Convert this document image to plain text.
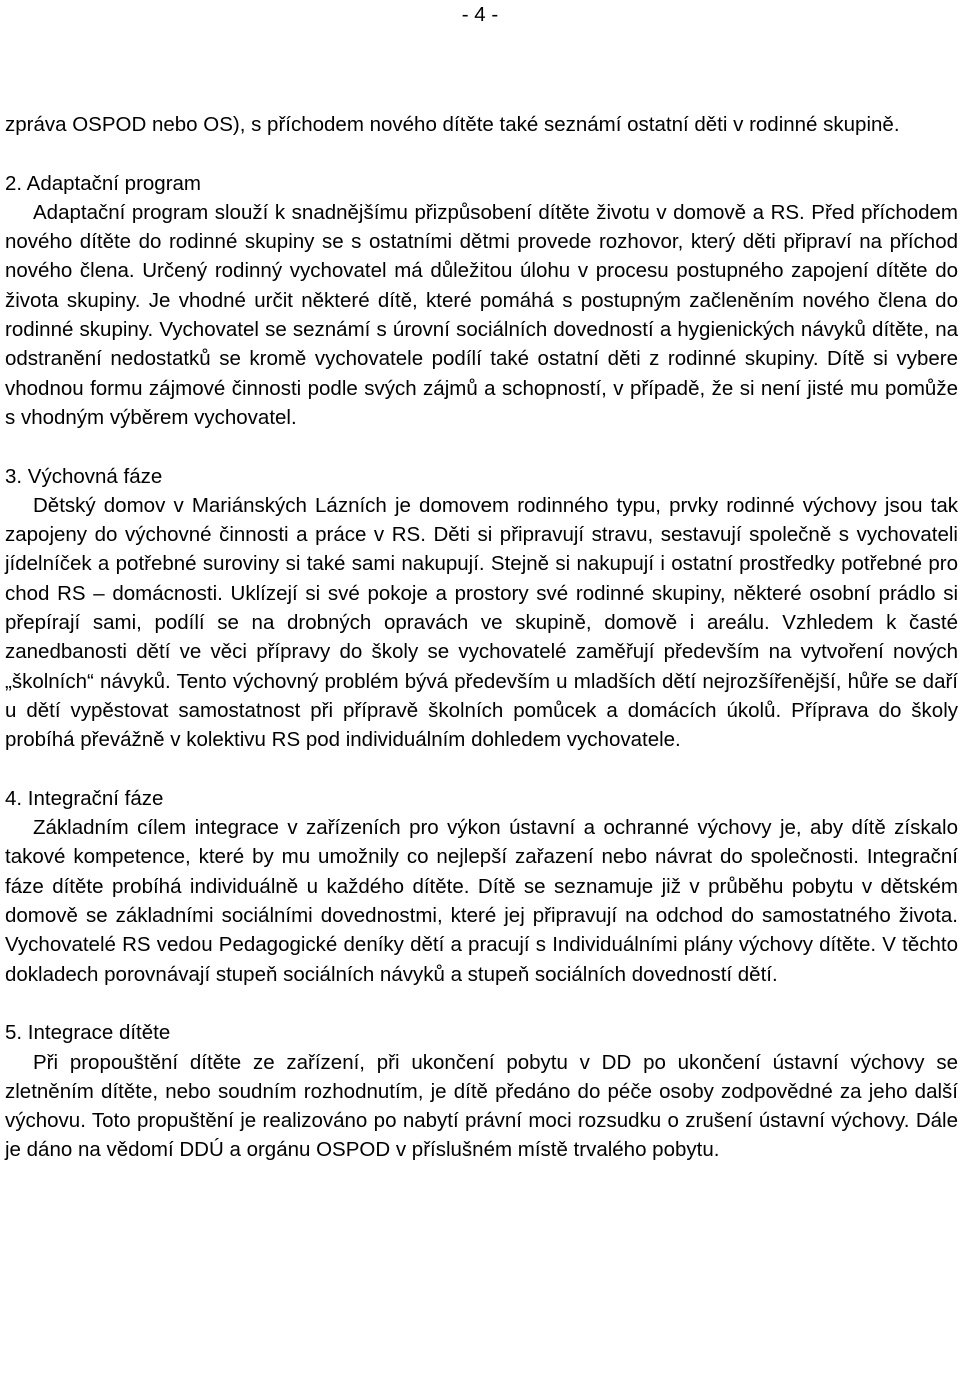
- 4 -

zpráva OSPOD nebo OS), s příchodem nového dítěte také seznámí ostatní děti v rodinné skupině.

2. Adaptační program

Adaptační program slouží k snadnějšímu přizpůsobení dítěte životu v domově a RS. Před příchodem nového dítěte do rodinné skupiny se s ostatními dětmi provede rozhovor, který děti připraví na příchod nového člena. Určený rodinný vychovatel má důležitou úlohu v procesu postupného zapojení dítěte do života skupiny. Je vhodné určit některé dítě, které pomáhá s postupným začleněním nového člena do rodinné skupiny. Vychovatel se seznámí s úrovní sociálních dovedností a hygienických návyků dítěte, na odstranění nedostatků se kromě vychovatele podílí také ostatní děti z rodinné skupiny. Dítě si vybere vhodnou formu zájmové činnosti podle svých zájmů a schopností, v případě, že si není jisté mu pomůže s vhodným výběrem vychovatel.

3. Výchovná fáze

Dětský domov v Mariánských Lázních je domovem rodinného typu, prvky rodinné výchovy jsou tak zapojeny do výchovné činnosti a práce v RS. Děti si připravují stravu, sestavují společně s vychovateli jídelníček a potřebné suroviny si také sami nakupují. Stejně si nakupují i ostatní prostředky potřebné pro chod RS – domácnosti. Uklízejí si své pokoje a prostory své rodinné skupiny, některé osobní prádlo si přepírají sami, podílí se na drobných opravách ve skupině, domově i areálu. Vzhledem k časté zanedbanosti dětí ve věci přípravy do školy se vychovatelé zaměřují především na vytvoření nových „školních“ návyků. Tento výchovný problém bývá především u mladších dětí nejrozšířenější, hůře se daří u dětí vypěstovat samostatnost při přípravě školních pomůcek a domácích úkolů. Příprava do školy probíhá převážně v kolektivu RS pod individuálním dohledem vychovatele.

4. Integrační fáze

Základním cílem integrace v zařízeních pro výkon ústavní a ochranné výchovy je, aby dítě získalo takové kompetence, které by mu umožnily co nejlepší zařazení nebo návrat do společnosti. Integrační fáze dítěte probíhá individuálně u každého dítěte. Dítě se seznamuje již v průběhu pobytu v dětském domově se základními sociálními dovednostmi, které jej připravují na odchod do samostatného života. Vychovatelé RS vedou Pedagogické deníky dětí a pracují s Individuálními plány výchovy dítěte. V těchto dokladech porovnávají stupeň sociálních návyků a stupeň sociálních dovedností dětí.

5. Integrace dítěte

Při propouštění dítěte ze zařízení, při ukončení pobytu v DD po ukončení ústavní výchovy se zletněním dítěte, nebo soudním rozhodnutím, je dítě předáno do péče osoby zodpovědné za jeho další výchovu. Toto propuštění je realizováno po nabytí právní moci rozsudku o zrušení ústavní výchovy. Dále je dáno na vědomí DDÚ a orgánu OSPOD v příslušném místě trvalého pobytu.
